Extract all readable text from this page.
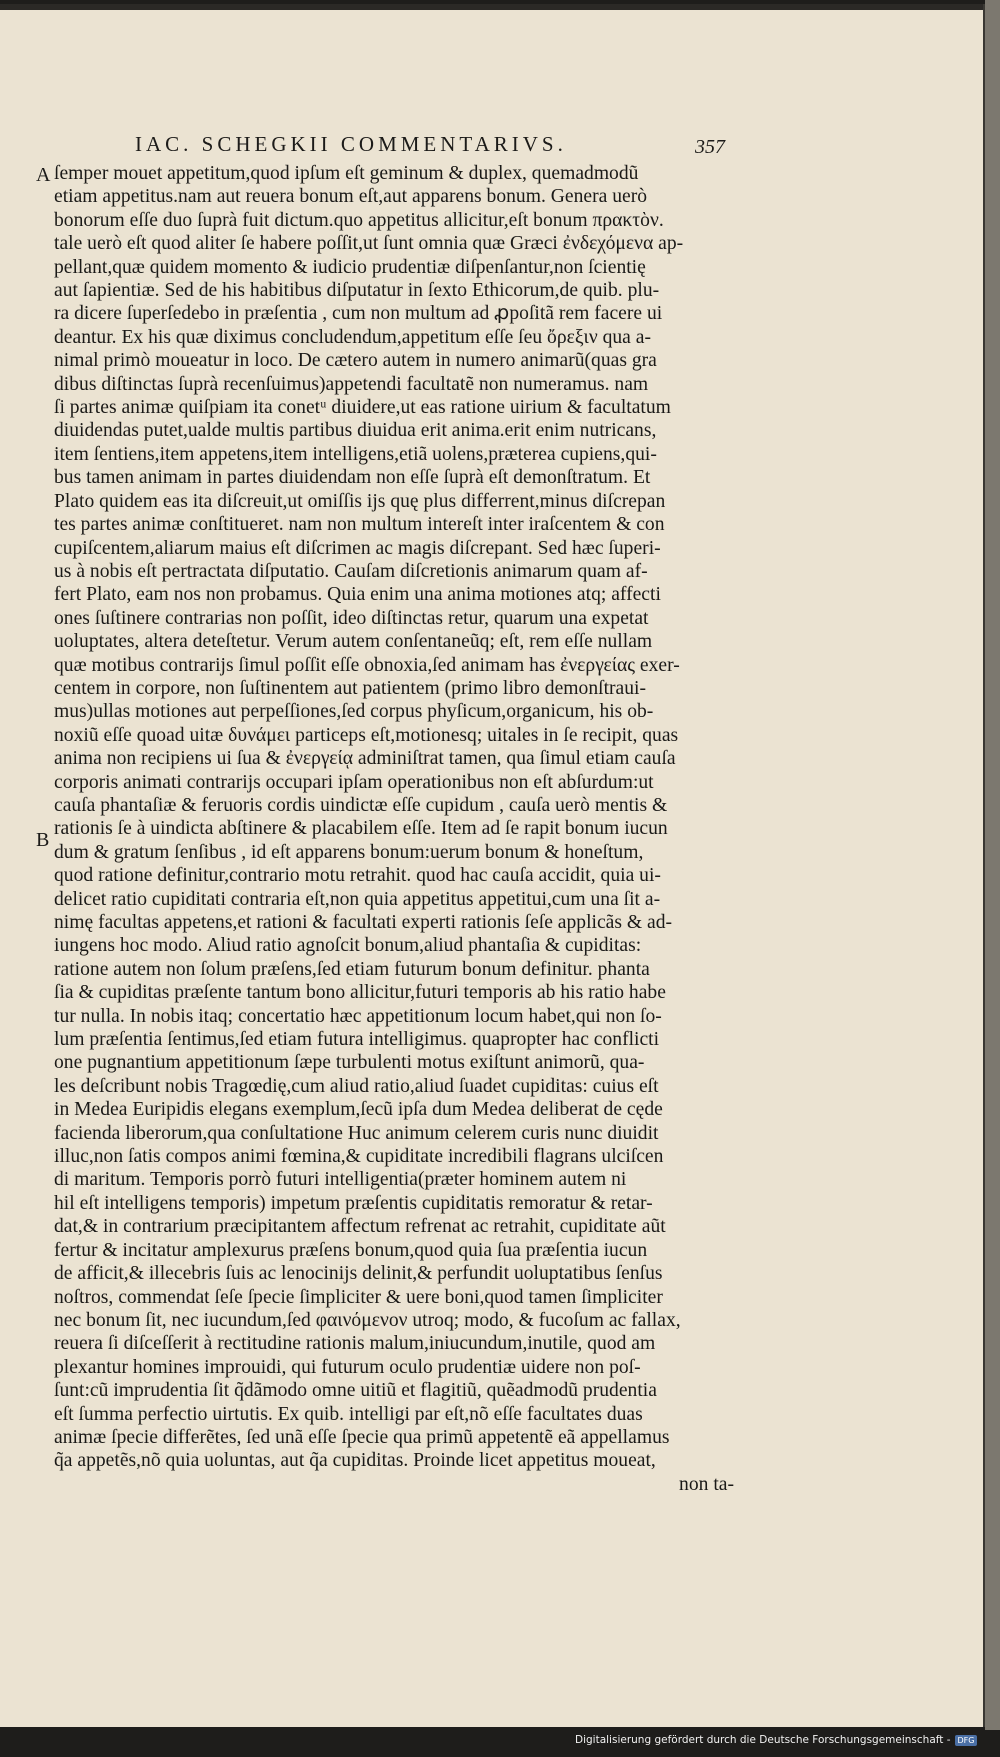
IAC. SCHEGKII COMMENTARIVS.	357
A
B
ſemper mouet appetitum,quod ipſum eſt geminum & duplex, quemadmodũ
etiam appetitus.nam aut reuera bonum eſt,aut apparens bonum. Genera uerò
bonorum eſſe duo ſuprà fuit dictum.quo appetitus allicitur,eſt bonum πρακτὸν.
tale uerò eſt quod aliter ſe habere poſſit,ut ſunt omnia quæ Græci ἐνδεχόμενα ap-
pellant,quæ quidem momento & iudicio prudentiæ diſpenſantur,non ſcientię
aut ſapientiæ. Sed de his habitibus diſputatur in ſexto Ethicorum,de quib. plu-
ra dicere ſuperſedebo in præſentia , cum non multum ad ꝓpoſitã rem facere ui
deantur. Ex his quæ diximus concludendum,appetitum eſſe ſeu ὄρεξιν qua a-
nimal primò moueatur in loco. De cætero autem in numero animarũ(quas gra
dibus diſtinctas ſuprà recenſuimus)appetendi facultatẽ non numeramus. nam
ſi partes animæ quiſpiam ita conetᵘ diuidere,ut eas ratione uirium & facultatum
diuidendas putet,ualde multis partibus diuidua erit anima.erit enim nutricans,
item ſentiens,item appetens,item intelligens,etiã uolens,præterea cupiens,qui-
bus tamen animam in partes diuidendam non eſſe ſuprà eſt demonſtratum. Et
Plato quidem eas ita diſcreuit,ut omiſſis ijs quę plus differrent,minus diſcrepan
tes partes animæ conſtitueret. nam non multum intereſt inter iraſcentem & con
cupiſcentem,aliarum maius eſt diſcrimen ac magis diſcrepant. Sed hæc ſuperi-
us à nobis eſt pertractata diſputatio. Cauſam diſcretionis animarum quam af-
fert Plato, eam nos non probamus. Quia enim una anima motiones atq; affecti
ones ſuſtinere contrarias non poſſit, ideo diſtinctas retur, quarum una expetat
uoluptates, altera deteſtetur. Verum autem conſentaneũq; eſt, rem eſſe nullam
quæ motibus contrarijs ſimul poſſit eſſe obnoxia,ſed animam has ἐνεργείας exer-
centem in corpore, non ſuſtinentem aut patientem (primo libro demonſtraui-
mus)ullas motiones aut perpeſſiones,ſed corpus phyſicum,organicum, his ob-
noxiũ eſſe quoad uitæ δυνάμει particeps eſt,motionesq; uitales in ſe recipit, quas
anima non recipiens ui ſua & ἐνεργείᾳ adminiſtrat tamen, qua ſimul etiam cauſa
corporis animati contrarijs occupari ipſam operationibus non eſt abſurdum:ut
cauſa phantaſiæ & feruoris cordis uindictæ eſſe cupidum , cauſa uerò mentis &
rationis ſe à uindicta abſtinere & placabilem eſſe. Item ad ſe rapit bonum iucun
dum & gratum ſenſibus , id eſt apparens bonum:uerum bonum & honeſtum,
quod ratione definitur,contrario motu retrahit. quod hac cauſa accidit, quia ui-
delicet ratio cupiditati contraria eſt,non quia appetitus appetitui,cum una ſit a-
nimę facultas appetens,et rationi & facultati experti rationis ſeſe applicãs & ad-
iungens hoc modo. Aliud ratio agnoſcit bonum,aliud phantaſia & cupiditas:
ratione autem non ſolum præſens,ſed etiam futurum bonum definitur. phanta
ſia & cupiditas præſente tantum bono allicitur,futuri temporis ab his ratio habe
tur nulla. In nobis itaq; concertatio hæc appetitionum locum habet,qui non ſo-
lum præſentia ſentimus,ſed etiam futura intelligimus. quapropter hac conflicti
one pugnantium appetitionum ſæpe turbulenti motus exiſtunt animorũ, qua-
les deſcribunt nobis Tragœdię,cum aliud ratio,aliud ſuadet cupiditas: cuius eſt
in Medea Euripidis elegans exemplum,ſecũ ipſa dum Medea deliberat de cęde
facienda liberorum,qua conſultatione Huc animum celerem curis nunc diuidit
illuc,non ſatis compos animi fœmina,& cupiditate incredibili flagrans ulciſcen
di maritum. Temporis porrò futuri intelligentia(præter hominem autem ni
hil eſt intelligens temporis) impetum præſentis cupiditatis remoratur & retar-
dat,& in contrarium præcipitantem affectum refrenat ac retrahit, cupiditate aũt
fertur & incitatur amplexurus præſens bonum,quod quia ſua præſentia iucun
de afficit,& illecebris ſuis ac lenocinijs delinit,& perfundit uoluptatibus ſenſus
noſtros, commendat ſeſe ſpecie ſimpliciter & uere boni,quod tamen ſimpliciter
nec bonum ſit, nec iucundum,ſed φαινόμενον utroq; modo, & fucoſum ac fallax,
reuera ſi diſceſſerit à rectitudine rationis malum,iniucundum,inutile, quod am
plexantur homines improuidi, qui futurum oculo prudentiæ uidere non poſ-
ſunt:cũ imprudentia ſit q̃dãmodo omne uitiũ et flagitiũ, quẽadmodũ prudentia
eſt ſumma perfectio uirtutis. Ex quib. intelligi par eſt,nõ eſſe facultates duas
animæ ſpecie differẽtes, ſed unã eſſe ſpecie qua primũ appetentẽ eã appellamus
q̃a appetẽs,nõ quia uoluntas, aut q̃a cupiditas. Proinde licet appetitus moueat,
non ta-
Digitalisierung gefördert durch die Deutsche Forschungsgemeinschaft - DFG
